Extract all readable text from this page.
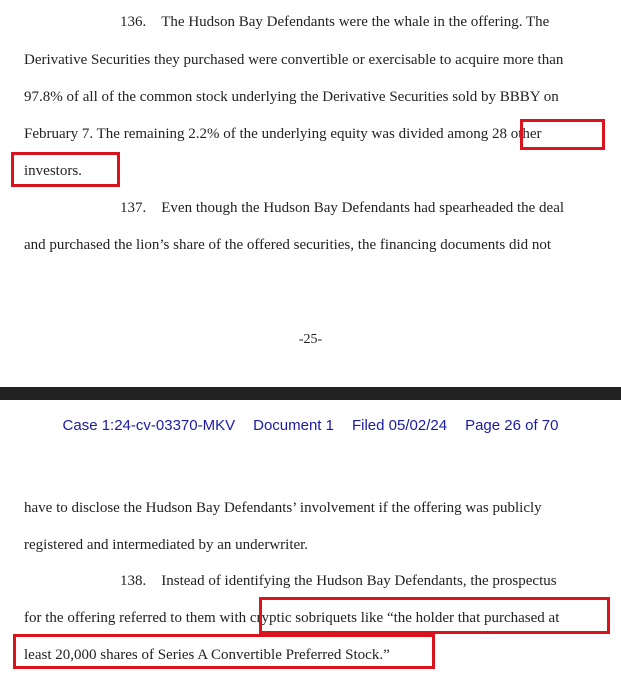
136. The Hudson Bay Defendants were the whale in the offering. The
Derivative Securities they purchased were convertible or exercisable to acquire more than
97.8% of all of the common stock underlying the Derivative Securities sold by BBBY on
February 7. The remaining 2.2% of the underlying equity was divided among 28 other
investors.
137. Even though the Hudson Bay Defendants had spearheaded the deal
and purchased the lion’s share of the offered securities, the financing documents did not
-25-
Case 1:24-cv-03370-MKV Document 1 Filed 05/02/24 Page 26 of 70
have to disclose the Hudson Bay Defendants’ involvement if the offering was publicly
registered and intermediated by an underwriter.
138. Instead of identifying the Hudson Bay Defendants, the prospectus
for the offering referred to them with cryptic sobriquets like “the holder that purchased at
least 20,000 shares of Series A Convertible Preferred Stock.”
